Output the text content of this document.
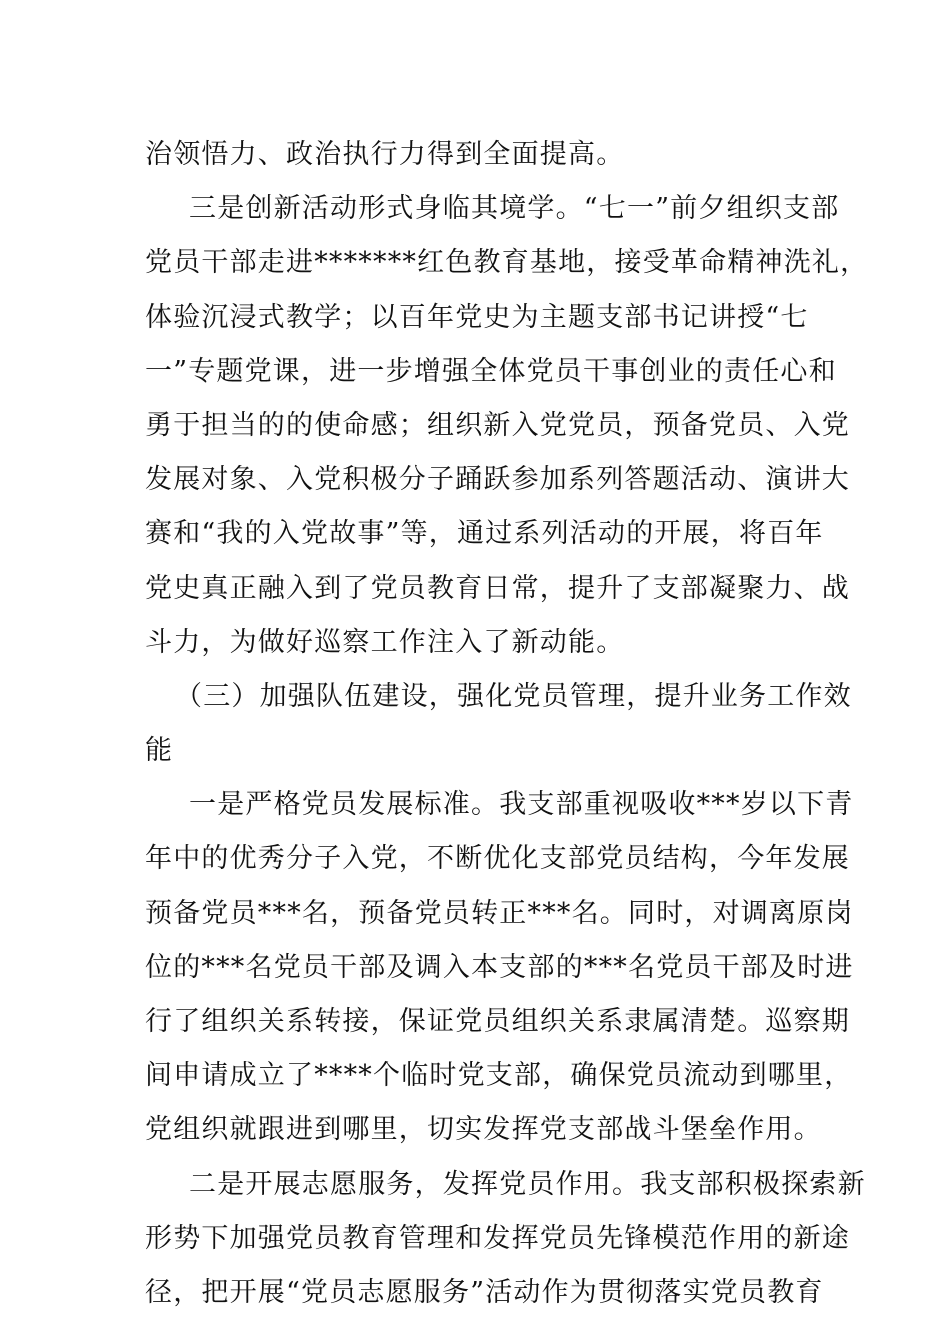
治领悟力、政治执行力得到全面提高。
三是创新活动形式身临其境学。“七一”前夕组织支部
党员干部走进*******红色教育基地，接受革命精神洗礼，
体验沉浸式教学；以百年党史为主题支部书记讲授“七
一”专题党课，进一步增强全体党员干事创业的责任心和
勇于担当的的使命感；组织新入党党员，预备党员、入党
发展对象、入党积极分子踊跃参加系列答题活动、演讲大
赛和“我的入党故事”等，通过系列活动的开展，将百年
党史真正融入到了党员教育日常，提升了支部凝聚力、战
斗力，为做好巡察工作注入了新动能。
（三）加强队伍建设，强化党员管理，提升业务工作效
能
一是严格党员发展标准。我支部重视吸收***岁以下青
年中的优秀分子入党，不断优化支部党员结构，今年发展
预备党员***名，预备党员转正***名。同时，对调离原岗
位的***名党员干部及调入本支部的***名党员干部及时进
行了组织关系转接，保证党员组织关系隶属清楚。巡察期
间申请成立了****个临时党支部，确保党员流动到哪里，
党组织就跟进到哪里，切实发挥党支部战斗堡垒作用。
二是开展志愿服务，发挥党员作用。我支部积极探索新
形势下加强党员教育管理和发挥党员先锋模范作用的新途
径，把开展“党员志愿服务”活动作为贯彻落实党员教育
